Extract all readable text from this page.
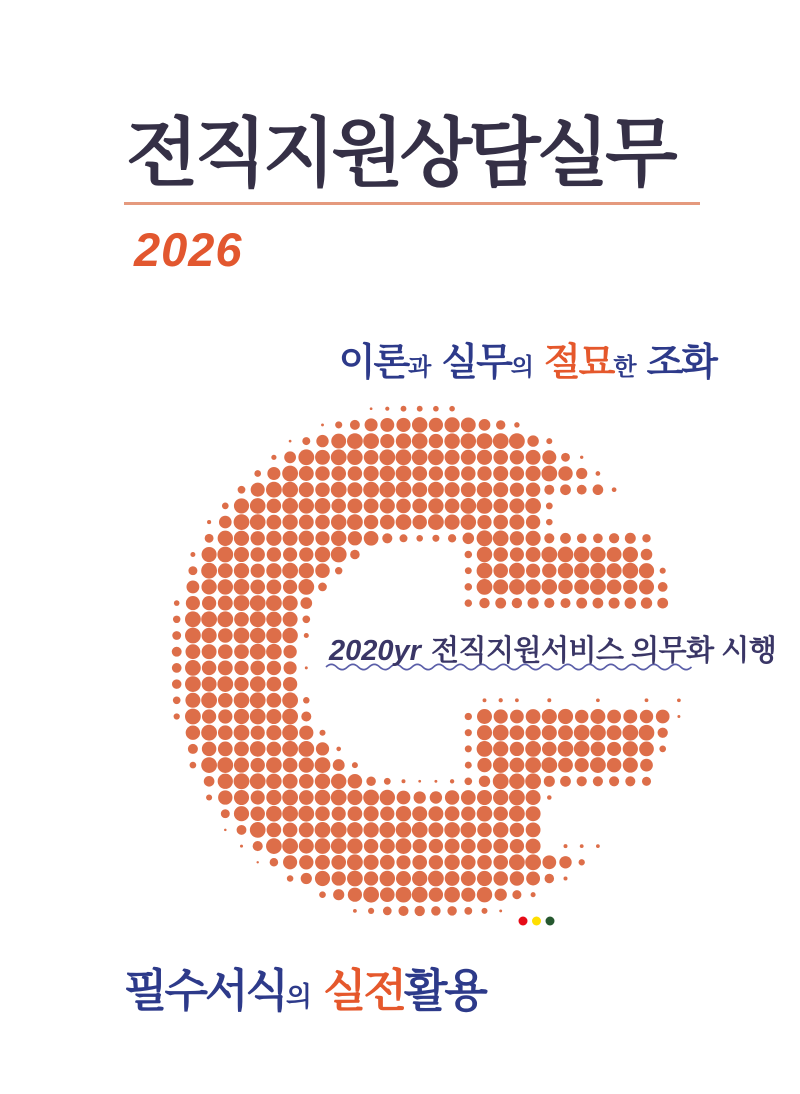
전직지원상담실무
2026
이론과 실무의 절묘한 조화
2020yr 전직지원서비스 의무화 시행
필수서식의 실전활용
